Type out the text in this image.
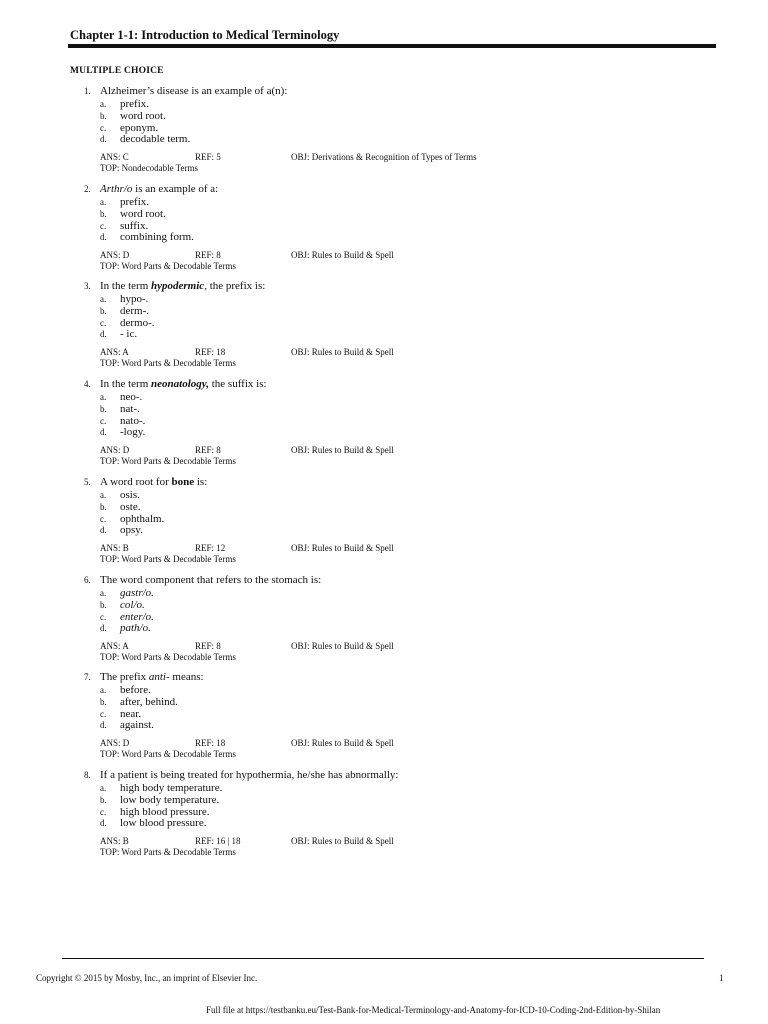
Chapter 1-1: Introduction to Medical Terminology
MULTIPLE CHOICE
1. Alzheimer’s disease is an example of a(n):
a. prefix.
b. word root.
c. eponym.
d. decodable term.
ANS: C	REF: 5	OBJ: Derivations & Recognition of Types of Terms
TOP: Nondecodable Terms
2. Arthr/o is an example of a:
a. prefix.
b. word root.
c. suffix.
d. combining form.
ANS: D	REF: 8	OBJ: Rules to Build & Spell
TOP: Word Parts & Decodable Terms
3. In the term hypodermic, the prefix is:
a. hypo-.
b. derm-.
c. dermo-.
d. - ic.
ANS: A	REF: 18	OBJ: Rules to Build & Spell
TOP: Word Parts & Decodable Terms
4. In the term neonatology, the suffix is:
a. neo-.
b. nat-.
c. nato-.
d. -logy.
ANS: D	REF: 8	OBJ: Rules to Build & Spell
TOP: Word Parts & Decodable Terms
5. A word root for bone is:
a. osis.
b. oste.
c. ophthalm.
d. opsy.
ANS: B	REF: 12	OBJ: Rules to Build & Spell
TOP: Word Parts & Decodable Terms
6. The word component that refers to the stomach is:
a. gastr/o.
b. col/o.
c. enter/o.
d. path/o.
ANS: A	REF: 8	OBJ: Rules to Build & Spell
TOP: Word Parts & Decodable Terms
7. The prefix anti- means:
a. before.
b. after, behind.
c. near.
d. against.
ANS: D	REF: 18	OBJ: Rules to Build & Spell
TOP: Word Parts & Decodable Terms
8. If a patient is being treated for hypothermia, he/she has abnormally:
a. high body temperature.
b. low body temperature.
c. high blood pressure.
d. low blood pressure.
ANS: B	REF: 16 | 18	OBJ: Rules to Build & Spell
TOP: Word Parts & Decodable Terms
Copyright © 2015 by Mosby, Inc., an imprint of Elsevier Inc.	1
Full file at https://testbanku.eu/Test-Bank-for-Medical-Terminology-and-Anatomy-for-ICD-10-Coding-2nd-Edition-by-Shilan
